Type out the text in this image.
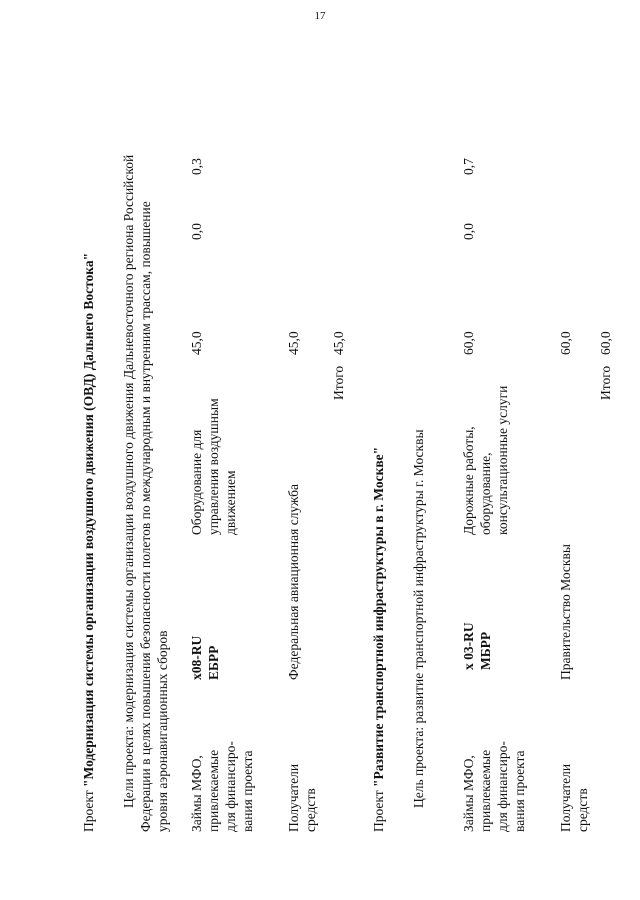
17
Проект "Модернизация системы организации воздушного движения (ОВД) Дальнего Востока" Цели проекта: модернизация системы организации воздушного движения Дальневосточного региона Российской Федерации в целях повышения безопасности полетов по международным и внутренним трассам, повышение уровня аэронавигационных сборов Займы МФО, привлекаемые для финансиро- вания проекта
х08-RU ЕБРР
Оборудование для управления воздушным движением
45,0
0,0
0,3
Получатели средств
Федеральная авиационная служба
45,0
Итого
45,0
Проект "Развитие транспортной инфраструктуры в г. Москве" Цель проекта: развитие транспортной инфраструктуры г. Москвы	Займы МФО, привлекаемые для финансиро- вания проекта
х 03-RU МБРР
Дорожные работы, оборудование, консультационные услуги
60,0
0,0
0,7
Получатели средств
Правительство Москвы
60,0
Итого
60,0
